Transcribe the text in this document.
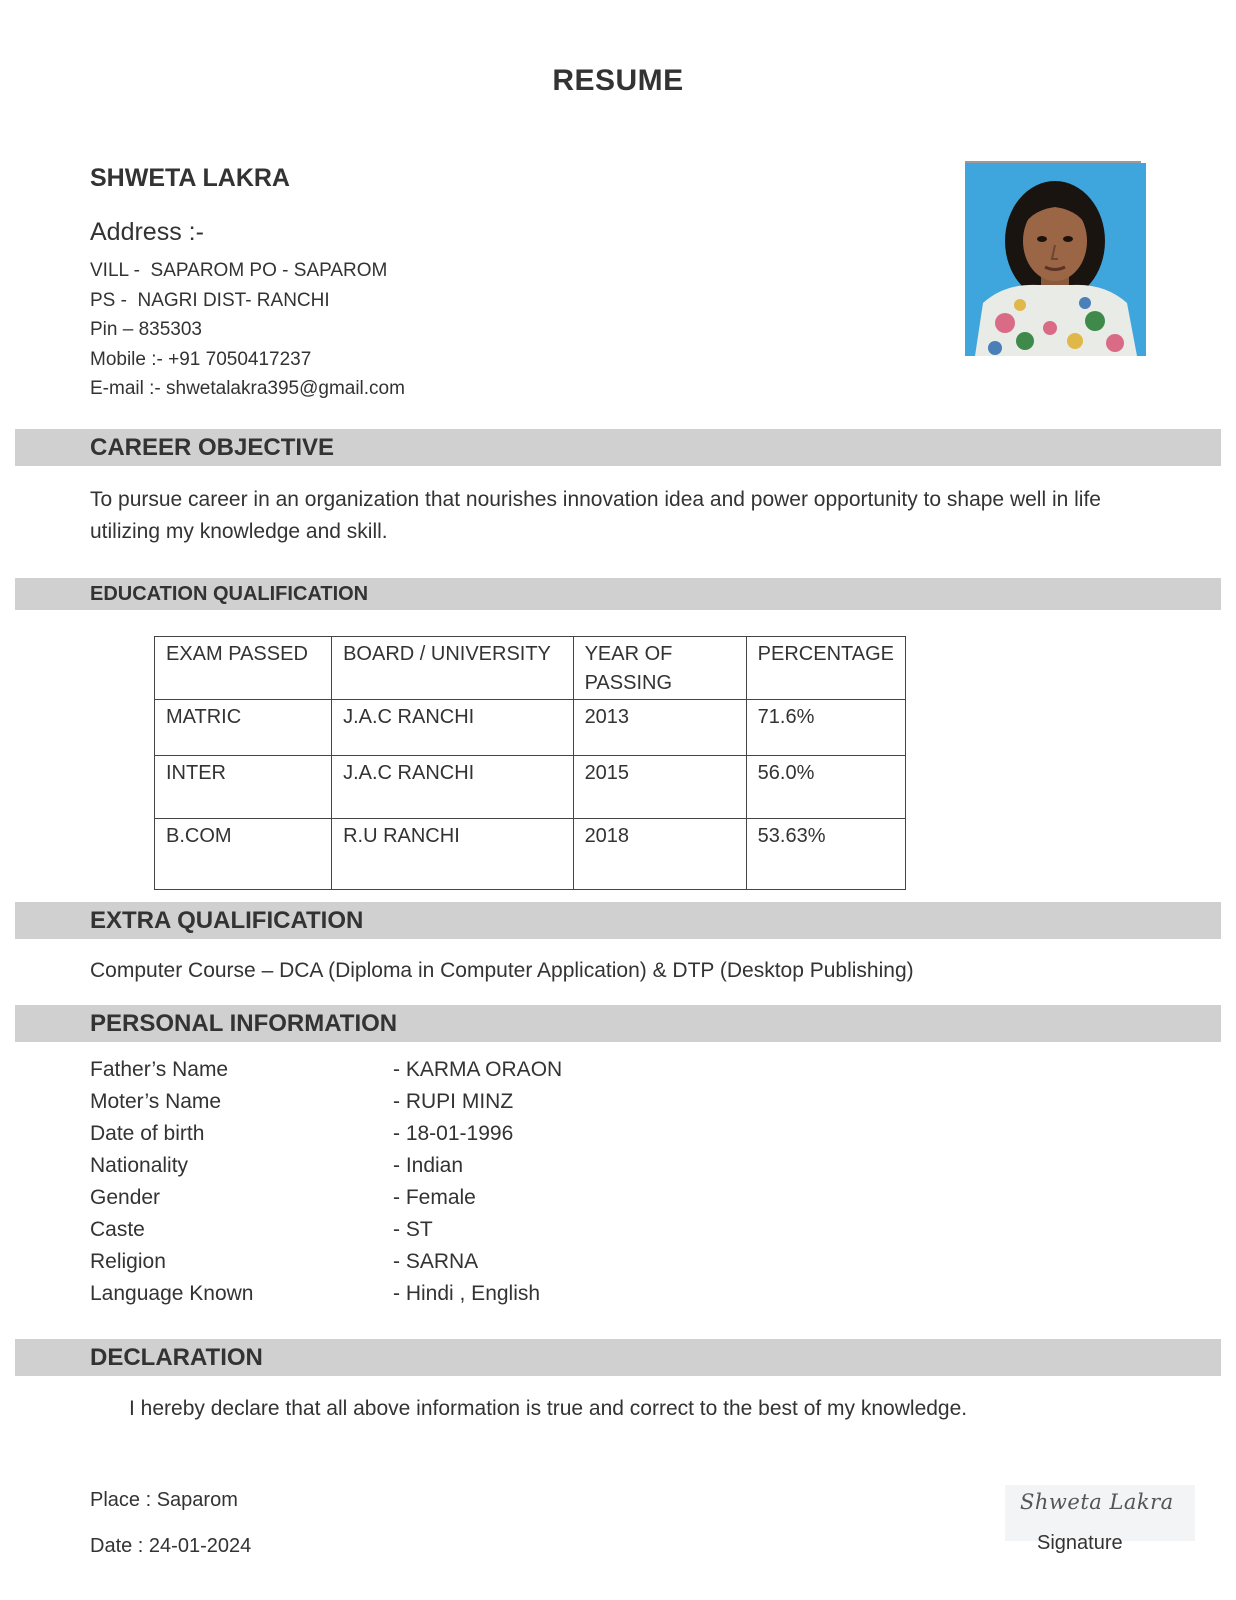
RESUME
SHWETA LAKRA
Address :-
VILL -  SAPAROM PO - SAPAROM
PS -  NAGRI DIST- RANCHI
Pin – 835303
Mobile :- +91 7050417237
E-mail :- shwetalakra395@gmail.com
CAREER OBJECTIVE
To pursue career in an organization that nourishes innovation idea and power opportunity to shape well in life
utilizing my knowledge and skill.
EDUCATION QUALIFICATION
EXAM PASSED	BOARD / UNIVERSITY	YEAR OF PASSING	PERCENTAGE
MATRIC	J.A.C RANCHI	2013	71.6%
INTER	J.A.C RANCHI	2015	56.0%
B.COM	R.U RANCHI	2018	53.63%
EXTRA QUALIFICATION
Computer Course – DCA (Diploma in Computer Application) & DTP (Desktop Publishing)
PERSONAL INFORMATION
Father’s Name	- KARMA ORAON
Moter’s Name	- RUPI MINZ
Date of birth	- 18-01-1996
Nationality	- Indian
Gender	- Female
Caste	- ST
Religion	- SARNA
Language Known	- Hindi , English
DECLARATION
I hereby declare that all above information is true and correct to the best of my knowledge.
Place : Saparom
Date : 24-01-2024
Shweta Lakra
Signature
